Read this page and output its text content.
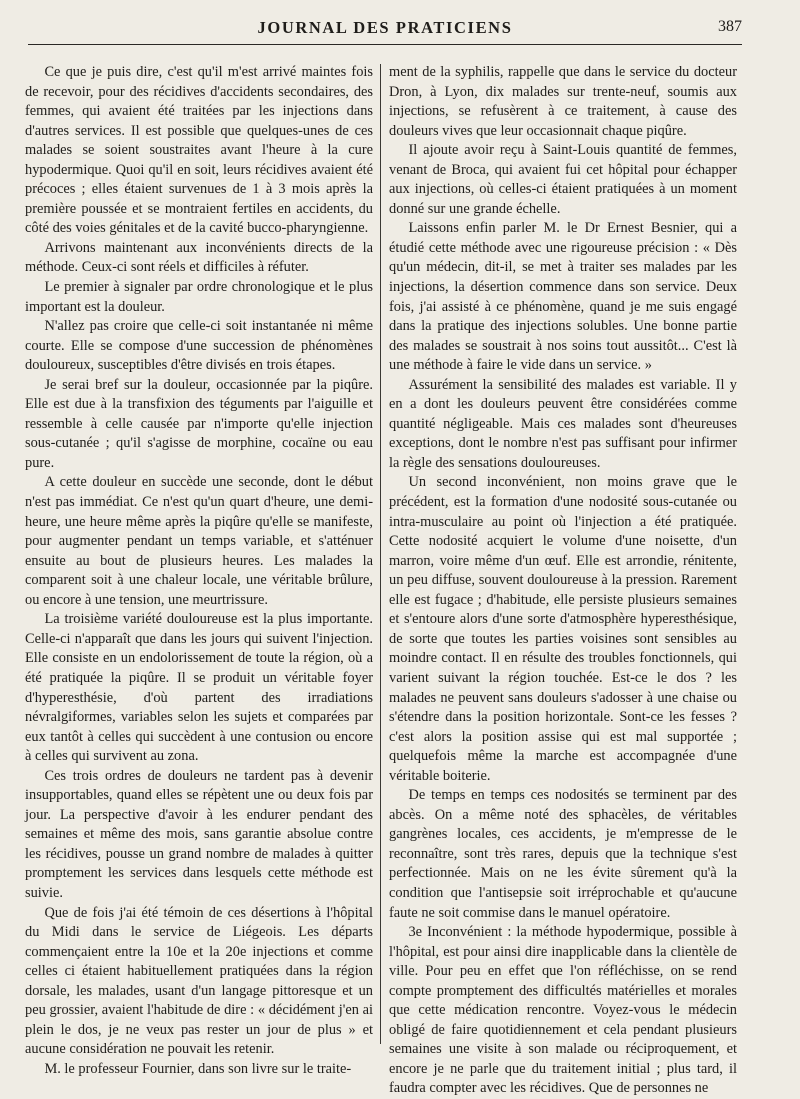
JOURNAL DES PRATICIENS	387

Ce que je puis dire, c'est qu'il m'est arrivé maintes fois de recevoir, pour des récidives d'accidents secondaires, des femmes, qui avaient été traitées par les injections dans d'autres services. Il est possible que quelques-unes de ces malades se soient soustraites avant l'heure à la cure hypodermique. Quoi qu'il en soit, leurs récidives avaient été précoces ; elles étaient survenues de 1 à 3 mois après la première poussée et se montraient fertiles en accidents, du côté des voies génitales et de la cavité bucco-pharyngienne.

Arrivons maintenant aux inconvénients directs de la méthode. Ceux-ci sont réels et difficiles à réfuter.

Le premier à signaler par ordre chronologique et le plus important est la douleur.

N'allez pas croire que celle-ci soit instantanée ni même courte. Elle se compose d'une succession de phénomènes douloureux, susceptibles d'être divisés en trois étapes.

Je serai bref sur la douleur, occasionnée par la piqûre. Elle est due à la transfixion des téguments par l'aiguille et ressemble à celle causée par n'importe qu'elle injection sous-cutanée ; qu'il s'agisse de morphine, cocaïne ou eau pure.

A cette douleur en succède une seconde, dont le début n'est pas immédiat. Ce n'est qu'un quart d'heure, une demi-heure, une heure même après la piqûre qu'elle se manifeste, pour augmenter pendant un temps variable, et s'atténuer ensuite au bout de plusieurs heures. Les malades la comparent soit à une chaleur locale, une véritable brûlure, ou encore à une tension, une meurtrissure.

La troisième variété douloureuse est la plus importante. Celle-ci n'apparaît que dans les jours qui suivent l'injection. Elle consiste en un endolorissement de toute la région, où a été pratiquée la piqûre. Il se produit un véritable foyer d'hyperesthésie, d'où partent des irradiations névralgiformes, variables selon les sujets et comparées par eux tantôt à celles qui succèdent à une contusion ou encore à celles qui survivent au zona.

Ces trois ordres de douleurs ne tardent pas à devenir insupportables, quand elles se répètent une ou deux fois par jour. La perspective d'avoir à les endurer pendant des semaines et même des mois, sans garantie absolue contre les récidives, pousse un grand nombre de malades à quitter promptement les services dans lesquels cette méthode est suivie.

Que de fois j'ai été témoin de ces désertions à l'hôpital du Midi dans le service de Liégeois. Les départs commençaient entre la 10e et la 20e injections et comme celles ci étaient habituellement pratiquées dans la région dorsale, les malades, usant d'un langage pittoresque et un peu grossier, avaient l'habitude de dire : « décidément j'en ai plein le dos, je ne veux pas rester un jour de plus » et aucune considération ne pouvait les retenir.

M. le professeur Fournier, dans son livre sur le traite-

ment de la syphilis, rappelle que dans le service du docteur Dron, à Lyon, dix malades sur trente-neuf, soumis aux injections, se refusèrent à ce traitement, à cause des douleurs vives que leur occasionnait chaque piqûre.

Il ajoute avoir reçu à Saint-Louis quantité de femmes, venant de Broca, qui avaient fui cet hôpital pour échapper aux injections, où celles-ci étaient pratiquées à un moment donné sur une grande échelle.

Laissons enfin parler M. le Dr Ernest Besnier, qui a étudié cette méthode avec une rigoureuse précision : « Dès qu'un médecin, dit-il, se met à traiter ses malades par les injections, la désertion commence dans son service. Deux fois, j'ai assisté à ce phénomène, quand je me suis engagé dans la pratique des injections solubles. Une bonne partie des malades se soustrait à nos soins tout aussitôt... C'est là une méthode à faire le vide dans un service. »

Assurément la sensibilité des malades est variable. Il y en a dont les douleurs peuvent être considérées comme quantité négligeable. Mais ces malades sont d'heureuses exceptions, dont le nombre n'est pas suffisant pour infirmer la règle des sensations douloureuses.

Un second inconvénient, non moins grave que le précédent, est la formation d'une nodosité sous-cutanée ou intra-musculaire au point où l'injection a été pratiquée. Cette nodosité acquiert le volume d'une noisette, d'un marron, voire même d'un œuf. Elle est arrondie, rénitente, un peu diffuse, souvent douloureuse à la pression. Rarement elle est fugace ; d'habitude, elle persiste plusieurs semaines et s'entoure alors d'une sorte d'atmosphère hyperesthésique, de sorte que toutes les parties voisines sont sensibles au moindre contact. Il en résulte des troubles fonctionnels, qui varient suivant la région touchée. Est-ce le dos ? les malades ne peuvent sans douleurs s'adosser à une chaise ou s'étendre dans la position horizontale. Sont-ce les fesses ? c'est alors la position assise qui est mal supportée ; quelquefois même la marche est accompagnée d'une véritable boiterie.

De temps en temps ces nodosités se terminent par des abcès. On a même noté des sphacèles, de véritables gangrènes locales, ces accidents, je m'empresse de le reconnaître, sont très rares, depuis que la technique s'est perfectionnée. Mais on ne les évite sûrement qu'à la condition que l'antisepsie soit irréprochable et qu'aucune faute ne soit commise dans le manuel opératoire.

3e Inconvénient : la méthode hypodermique, possible à l'hôpital, est pour ainsi dire inapplicable dans la clientèle de ville. Pour peu en effet que l'on réfléchisse, on se rend compte promptement des difficultés matérielles et morales que cette médication rencontre. Voyez-vous le médecin obligé de faire quotidiennement et cela pendant plusieurs semaines une visite à son malade ou réciproquement, et encore je ne parle que du traitement initial ; plus tard, il faudra compter avec les récidives. Que de personnes ne
